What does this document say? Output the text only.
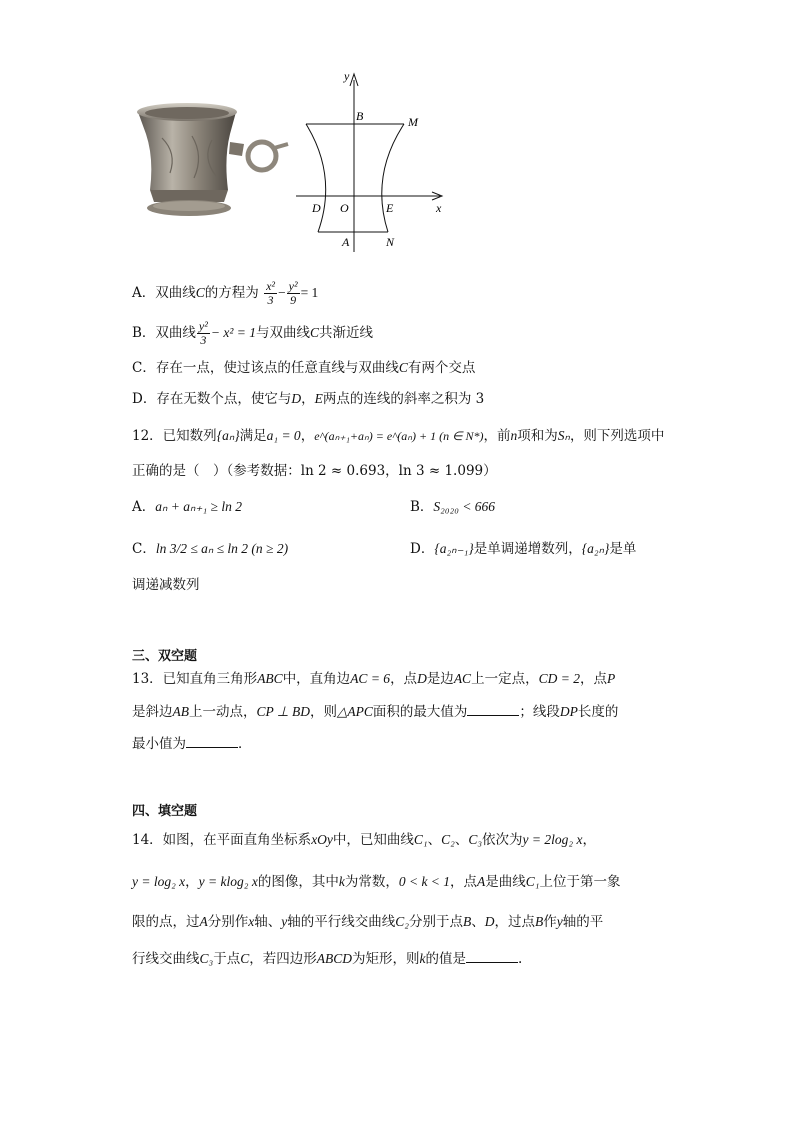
y
x
B	M
D O	E
A	N
A．双曲线C的方程为 $\frac{\text{x²}}{3} - \frac{\text{y²}}{9} = 1$
B．双曲线 $\frac{\text{y²}}{3} - x^2 = 1$与双曲线C共渐近线
C．存在一点，使过该点的任意直线与双曲线C有两个交点
D．存在无数个点，使它与D，E两点的连线的斜率之积为 3
12．已知数列{aₙ}满足a₁ = 0，e^(aₙ₊₁+aₙ) = e^(aₙ) + 1 (n ∈ N*)，前n项和为Sₙ，则下列选项中
正确的是（　）（参考数据：ln 2 ≈ 0.693，ln 3 ≈ 1.099）
A．aₙ + aₙ₊₁ ≥ ln 2	B．S₂₀₂₀ < 666
C．ln 3/2 ≤ aₙ ≤ ln 2 (n ≥ 2)	D．{a₂ₙ₋₁}是单调递增数列，{a₂ₙ}是单
调递减数列
三、双空题
13．已知直角三角形ABC中，直角边AC = 6，点D是边AC上一定点，CD = 2，点P
是斜边AB上一动点，CP ⊥ BD，则△APC面积的最大值为	；线段DP长度的
最小值为	．
四、填空题
14．如图，在平面直角坐标系xOy中，已知曲线C₁、C₂、C₃依次为y = 2log₂ x，
y = log₂ x，y = klog₂ x的图像，其中k为常数，0 < k < 1，点A是曲线C₁上位于第一象
限的点，过A分别作x轴、y轴的平行线交曲线C₂分别于点B、D，过点B作y轴的平
行线交曲线C₃于点C，若四边形ABCD为矩形，则k的值是	.
